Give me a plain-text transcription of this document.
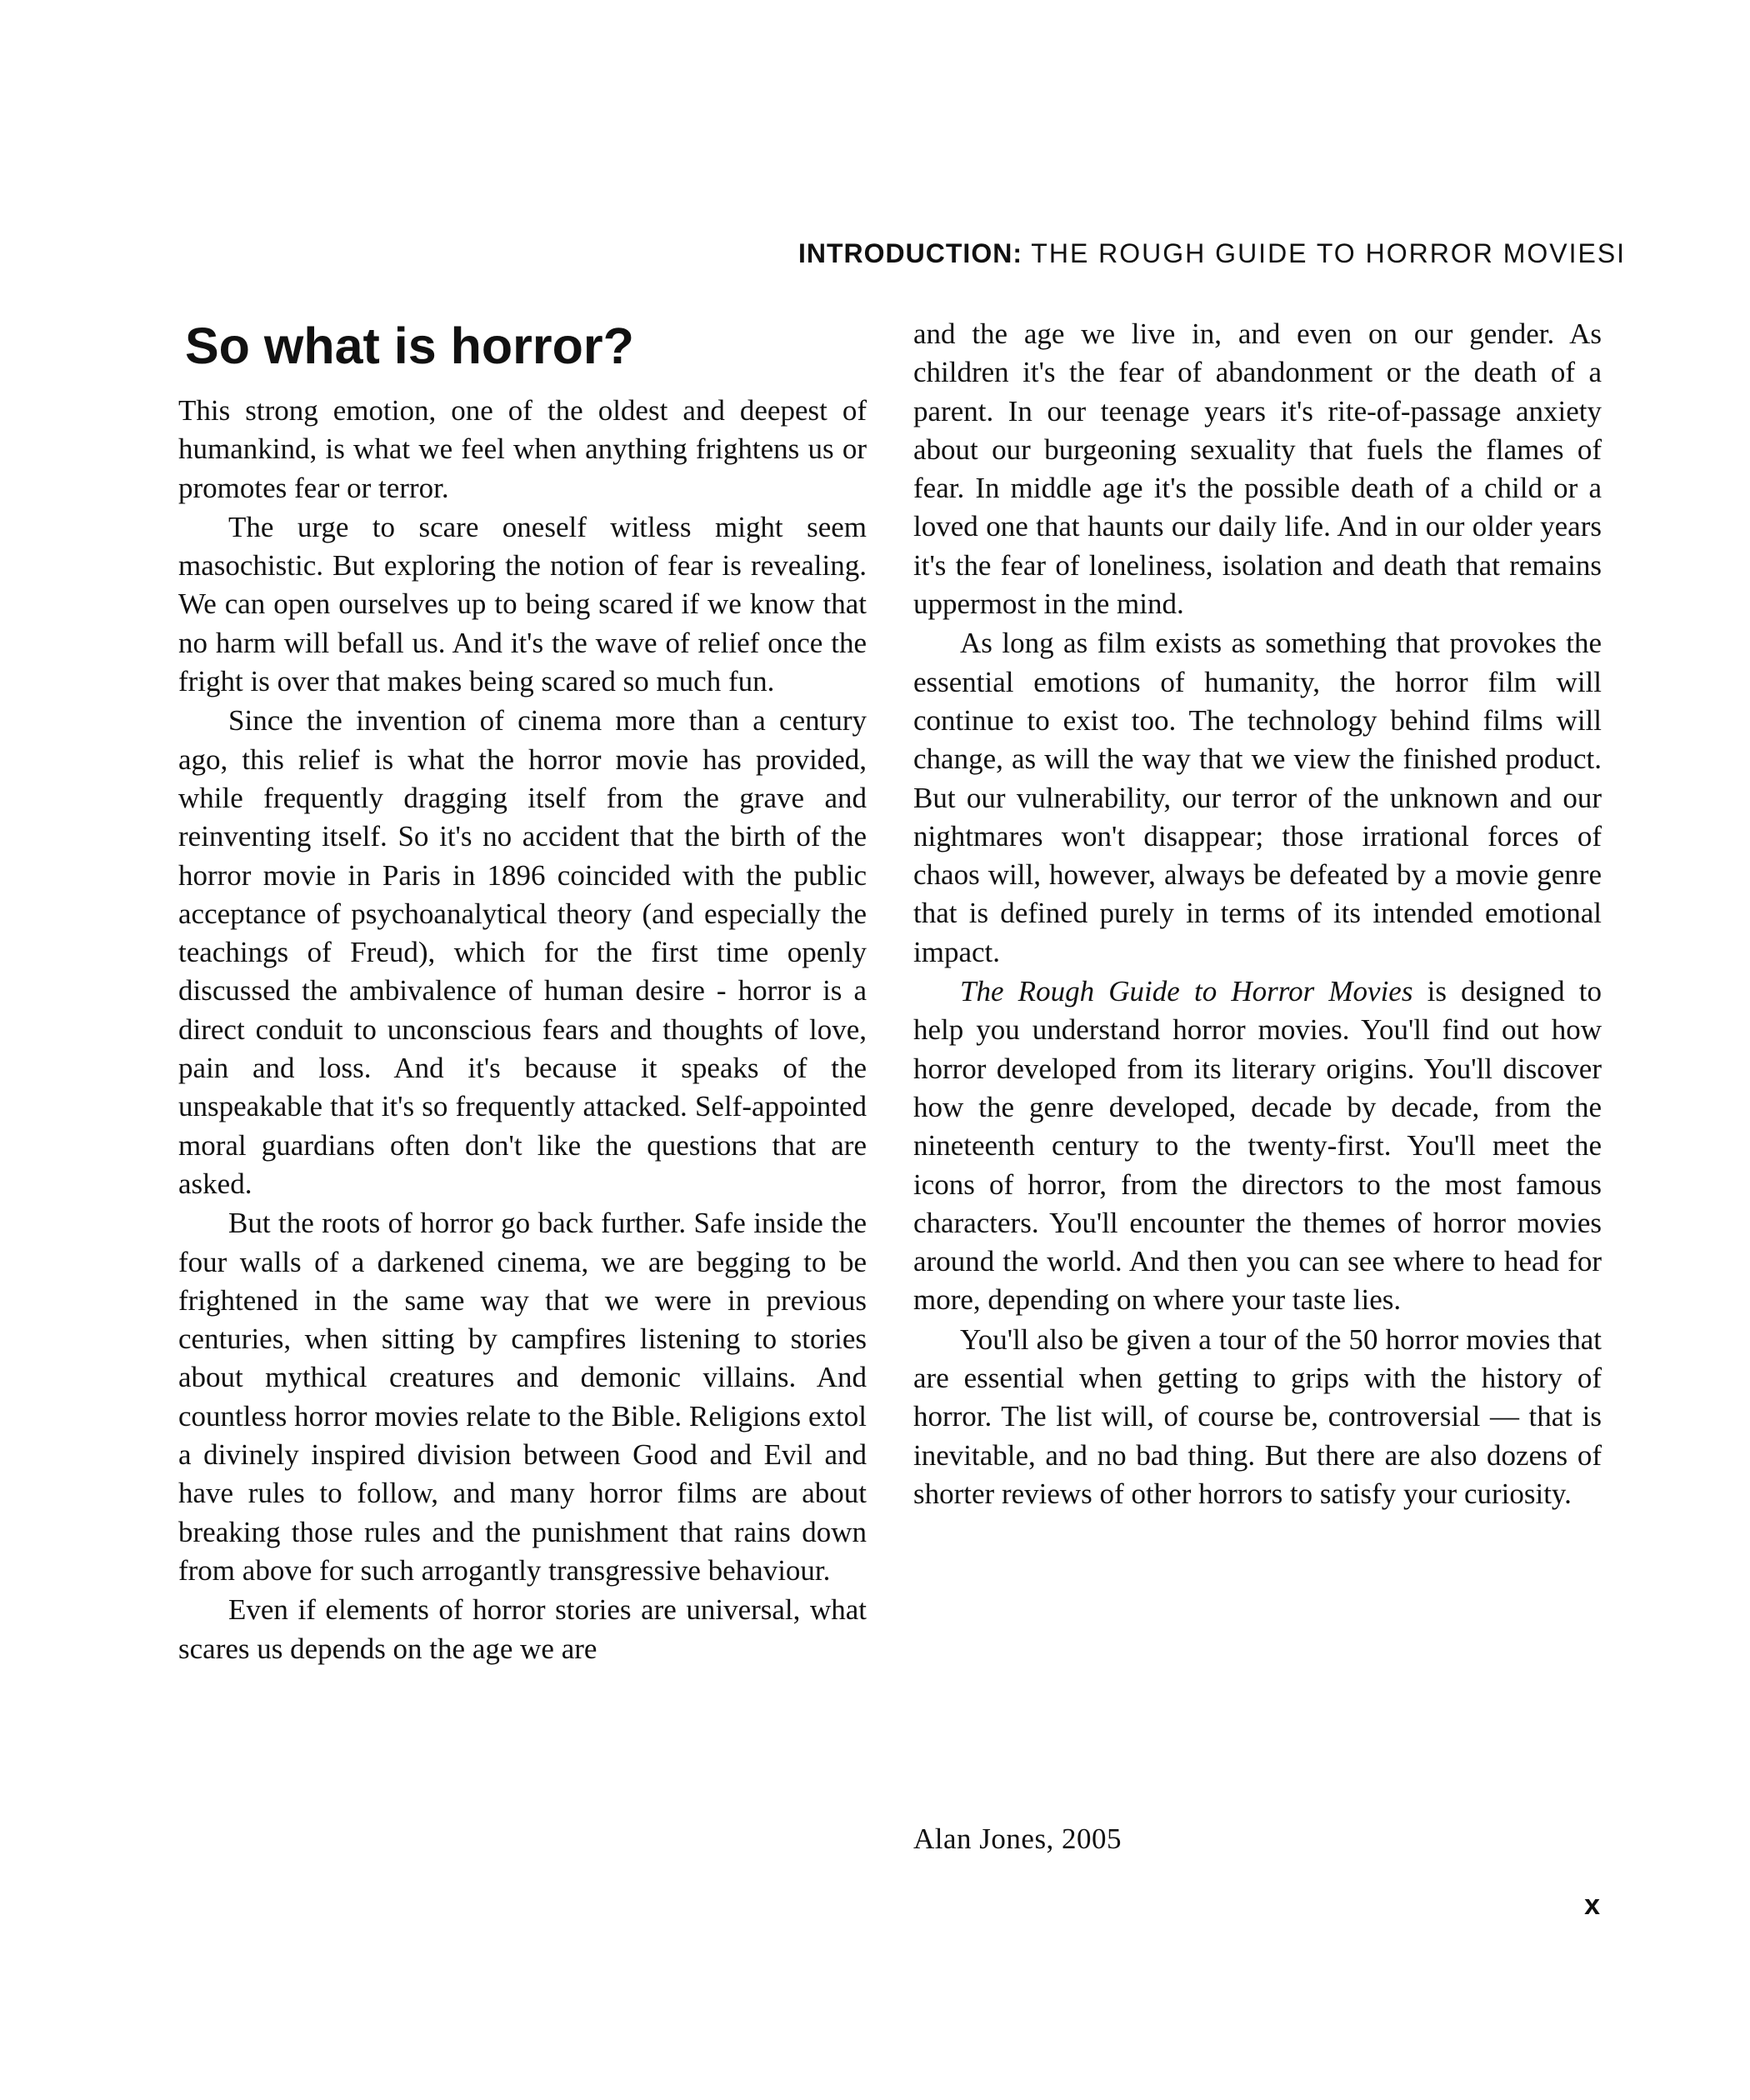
INTRODUCTION: THE ROUGH GUIDE TO HORROR MOVIESI
So what is horror?

This strong emotion, one of the oldest and deepest of humankind, is what we feel when anything frightens us or promotes fear or terror.

The urge to scare oneself witless might seem masochistic. But exploring the notion of fear is revealing. We can open ourselves up to being scared if we know that no harm will befall us. And it's the wave of relief once the fright is over that makes being scared so much fun.

Since the invention of cinema more than a century ago, this relief is what the horror movie has provided, while frequently dragging itself from the grave and reinventing itself. So it's no accident that the birth of the horror movie in Paris in 1896 coincided with the public acceptance of psychoanalytical theory (and especially the teachings of Freud), which for the first time openly discussed the ambivalence of human desire - horror is a direct conduit to unconscious fears and thoughts of love, pain and loss. And it's because it speaks of the unspeakable that it's so frequently attacked. Self-appointed moral guardians often don't like the questions that are asked.

But the roots of horror go back further. Safe inside the four walls of a darkened cinema, we are begging to be frightened in the same way that we were in previous centuries, when sitting by campfires listening to stories about mythical creatures and demonic villains. And countless horror movies relate to the Bible. Religions extol a divinely inspired division between Good and Evil and have rules to follow, and many horror films are about breaking those rules and the punishment that rains down from above for such arrogantly transgressive behaviour.

Even if elements of horror stories are universal, what scares us depends on the age we are

and the age we live in, and even on our gender. As children it's the fear of abandonment or the death of a parent. In our teenage years it's rite-of-passage anxiety about our burgeoning sexuality that fuels the flames of fear. In middle age it's the possible death of a child or a loved one that haunts our daily life. And in our older years it's the fear of loneliness, isolation and death that remains uppermost in the mind.

As long as film exists as something that provokes the essential emotions of humanity, the horror film will continue to exist too. The technology behind films will change, as will the way that we view the finished product. But our vulnerability, our terror of the unknown and our nightmares won't disappear; those irrational forces of chaos will, however, always be defeated by a movie genre that is defined purely in terms of its intended emotional impact.

The Rough Guide to Horror Movies is designed to help you understand horror movies. You'll find out how horror developed from its literary origins. You'll discover how the genre developed, decade by decade, from the nineteenth century to the twenty-first. You'll meet the icons of horror, from the directors to the most famous characters. You'll encounter the themes of horror movies around the world. And then you can see where to head for more, depending on where your taste lies.

You'll also be given a tour of the 50 horror movies that are essential when getting to grips with the history of horror. The list will, of course be, controversial — that is inevitable, and no bad thing. But there are also dozens of shorter reviews of other horrors to satisfy your curiosity.

Alan Jones, 2005
x
